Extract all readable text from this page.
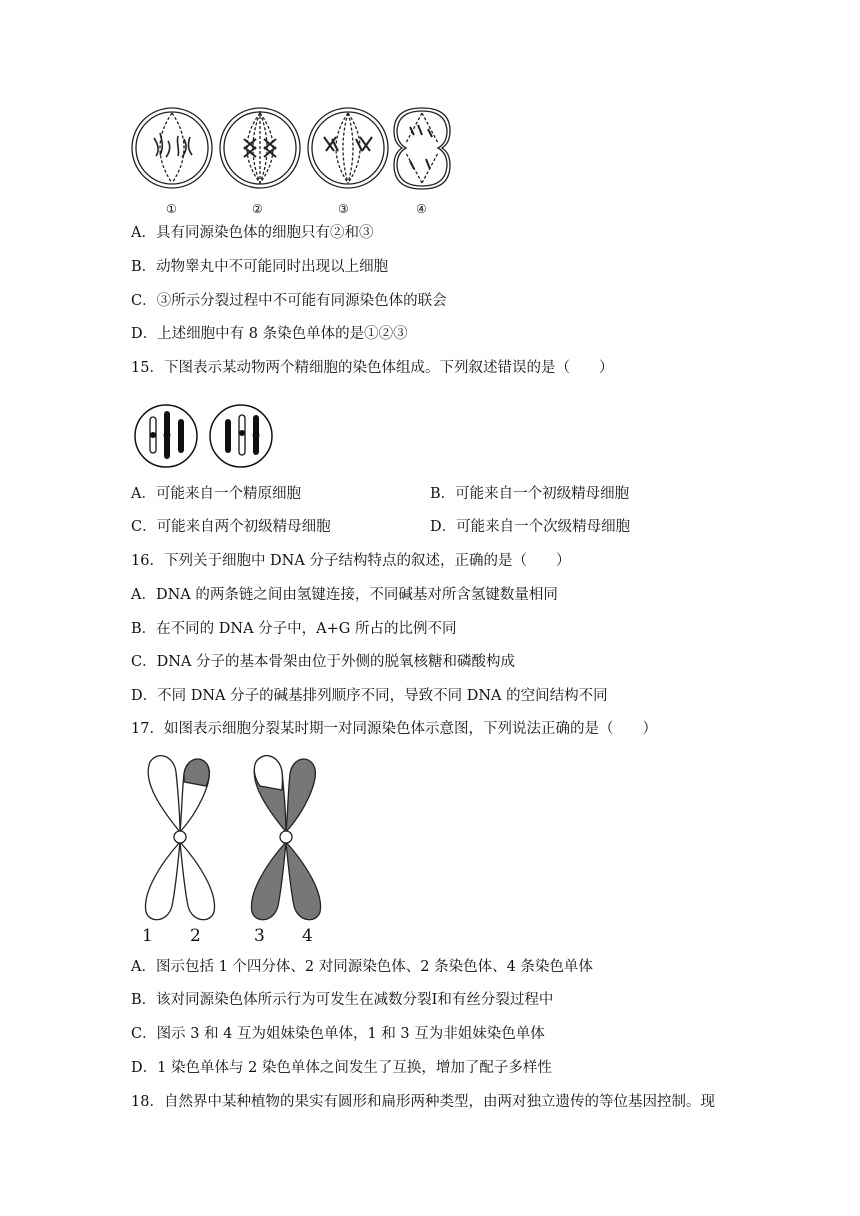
①	②	③	④
A．具有同源染色体的细胞只有②和③
B．动物睾丸中不可能同时出现以上细胞
C．③所示分裂过程中不可能有同源染色体的联会
D．上述细胞中有 8 条染色单体的是①②③
15．下图表示某动物两个精细胞的染色体组成。下列叙述错误的是（　　）
A．可能来自一个精原细胞	B．可能来自一个初级精母细胞
C．可能来自两个初级精母细胞	D．可能来自一个次级精母细胞
16．下列关于细胞中 DNA 分子结构特点的叙述，正确的是（　　）
A．DNA 的两条链之间由氢键连接，不同碱基对所含氢键数量相同
B．在不同的 DNA 分子中，A+G 所占的比例不同
C．DNA 分子的基本骨架由位于外侧的脱氧核糖和磷酸构成
D．不同 DNA 分子的碱基排列顺序不同，导致不同 DNA 的空间结构不同
17．如图表示细胞分裂某时期一对同源染色体示意图，下列说法正确的是（　　）
1 2	3 4
A．图示包括 1 个四分体、2 对同源染色体、2 条染色体、4 条染色单体
B．该对同源染色体所示行为可发生在减数分裂Ⅰ和有丝分裂过程中
C．图示 3 和 4 互为姐妹染色单体，1 和 3 互为非姐妹染色单体
D．1 染色单体与 2 染色单体之间发生了互换，增加了配子多样性
18．自然界中某种植物的果实有圆形和扁形两种类型，由两对独立遗传的等位基因控制。现
